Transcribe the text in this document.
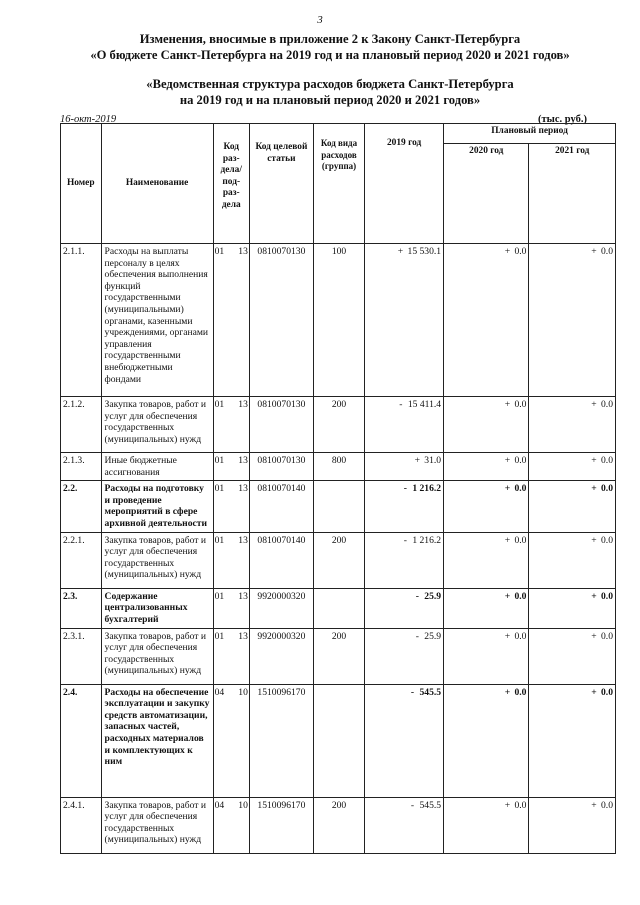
3
Изменения, вносимые в приложение 2 к Закону Санкт-Петербурга
«О бюджете Санкт-Петербурга на 2019 год и на плановый период 2020 и 2021 годов»
«Ведомственная структура расходов бюджета Санкт-Петербурга
на 2019 год и на плановый период 2020 и 2021 годов»
16-окт-2019	(тыс. руб.)
Номер	Наименование	Код раз-дела/ под-раз-дела		Код целевой статьи	Код вида расходов (группа)	2019 год	Плановый период	
							2020 год	2021 год
2.1.1.	Расходы на выплаты персоналу в целях обеспечения выполнения функций государственными (муниципальными) органами, казенными учреждениями, органами управления государственными внебюджетными фондами	01	13	0810070130	100	+ 15 530.1	+ 0.0	+ 0.0
2.1.2.	Закупка товаров, работ и услуг для обеспечения государственных (муниципальных) нужд	01	13	0810070130	200	- 15 411.4	+ 0.0	+ 0.0
2.1.3.	Иные бюджетные ассигнования	01	13	0810070130	800	+ 31.0	+ 0.0	+ 0.0
2.2.	Расходы на подготовку и проведение мероприятий в сфере архивной деятельности	01	13	0810070140		- 1 216.2	+ 0.0	+ 0.0
2.2.1.	Закупка товаров, работ и услуг для обеспечения государственных (муниципальных) нужд	01	13	0810070140	200	- 1 216.2	+ 0.0	+ 0.0
2.3.	Содержание централизованных бухгалтерий	01	13	9920000320		- 25.9	+ 0.0	+ 0.0
2.3.1.	Закупка товаров, работ и услуг для обеспечения государственных (муниципальных) нужд	01	13	9920000320	200	- 25.9	+ 0.0	+ 0.0
2.4.	Расходы на обеспечение эксплуатации и закупку средств автоматизации, запасных частей, расходных материалов и комплектующих к ним	04	10	1510096170		- 545.5	+ 0.0	+ 0.0
2.4.1.	Закупка товаров, работ и услуг для обеспечения государственных (муниципальных) нужд	04	10	1510096170	200	- 545.5	+ 0.0	+ 0.0
